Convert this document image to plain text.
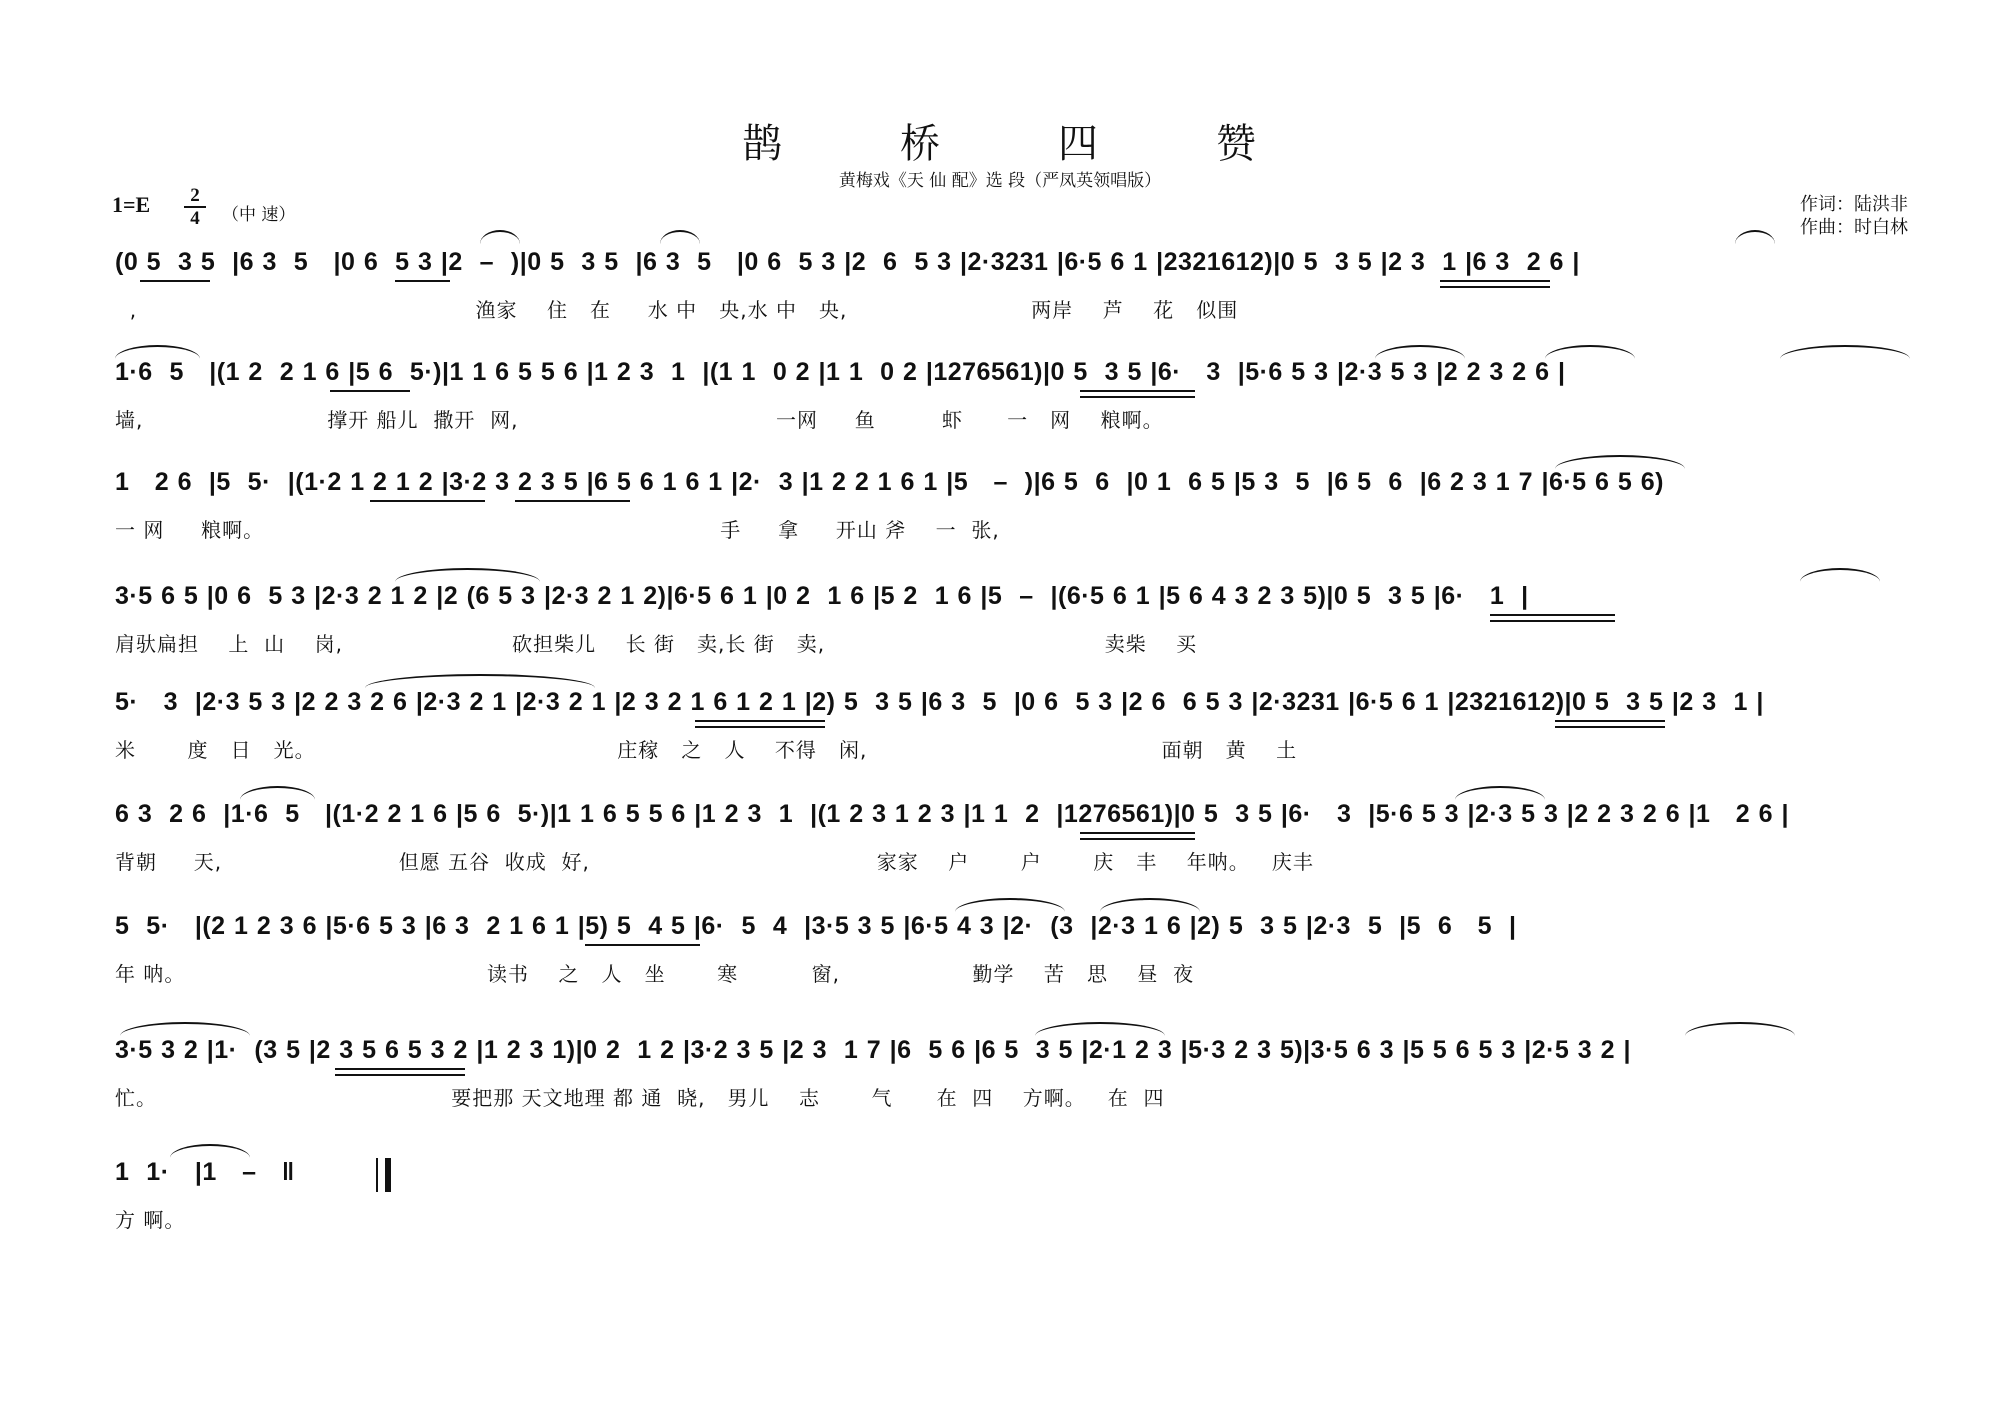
鹊	桥	四	赞
黄梅戏《天 仙 配》选 段（严凤英领唱版）
1=E	2
4	（中 速）	作词：陆洪非
作曲：时白林
(0 5  3 5  |6 3  5   |0 6  5 3 |2  –  )|0 5  3 5  |6 3  5   |0 6  5 3 |2  6  5 3 |2·3231 |6·5 6 1 |2321612)|0 5  3 5 |2 3  1 |6 3  2 6 |
,                                              渔家    住   在     水 中   央,水 中   央,                         两岸    芦    花   似围
1·6  5   |(1 2  2 1 6 |5 6  5·)|1 1 6 5 5 6 |1 2 3  1  |(1 1  0 2 |1 1  0 2 |1276561)|0 5  3 5 |6·   3  |5·6 5 3 |2·3 5 3 |2 2 3 2 6 |
墙,                         撑开 船儿  撒开  网,                                   一网     鱼         虾      一   网    粮啊。
1   2 6  |5  5·  |(1·2 1 2 1 2 |3·2 3 2 3 5 |6 5 6 1 6 1 |2·  3 |1 2 2 1 6 1 |5   –  )|6 5  6  |0 1  6 5 |5 3  5  |6 5  6  |6 2 3 1 7 |6·5 6 5 6)
一 网     粮啊。                                                              手     拿     开山 斧    一  张,
3·5 6 5 |0 6  5 3 |2·3 2 1 2 |2 (6 5 3 |2·3 2 1 2)|6·5 6 1 |0 2  1 6 |5 2  1 6 |5  –  |(6·5 6 1 |5 6 4 3 2 3 5)|0 5  3 5 |6·   1  |
肩驮扁担    上  山    岗,                       砍担柴儿    长 街   卖,长 街   卖,                                      卖柴    买
5·   3  |2·3 5 3 |2 2 3 2 6 |2·3 2 1 |2·3 2 1 |2 3 2 1 6 1 2 1 |2) 5  3 5 |6 3  5  |0 6  5 3 |2 6  6 5 3 |2·3231 |6·5 6 1 |2321612)|0 5  3 5 |2 3  1 |
米       度   日   光。                                         庄稼   之   人    不得   闲,                                        面朝   黄    土
6 3  2 6  |1·6  5   |(1·2 2 1 6 |5 6  5·)|1 1 6 5 5 6 |1 2 3  1  |(1 2 3 1 2 3 |1 1  2  |1276561)|0 5  3 5 |6·   3  |5·6 5 3 |2·3 5 3 |2 2 3 2 6 |1   2 6 |
背朝     天,                        但愿 五谷  收成  好,                                       家家    户       户       庆   丰    年呐。   庆丰
5  5·   |(2 1 2 3 6 |5·6 5 3 |6 3  2 1 6 1 |5) 5  4 5 |6·  5  4  |3·5 3 5 |6·5 4 3 |2·  (3  |2·3 1 6 |2) 5  3 5 |2·3  5  |5  6   5  |
年 呐。                                         读书    之   人   坐       寒          窗,                  勤学    苦   思    昼  夜
3·5 3 2 |1·  (3 5 |2 3 5 6 5 3 2 |1 2 3 1)|0 2  1 2 |3·2 3 5 |2 3  1 7 |6  5 6 |6 5  3 5 |2·1 2 3 |5·3 2 3 5)|3·5 6 3 |5 5 6 5 3 |2·5 3 2 |
忙。                                        要把那 天文地理 都 通  晓,   男儿    志       气      在  四    方啊。   在  四
1  1·   |1   –   ‖
方 啊。
